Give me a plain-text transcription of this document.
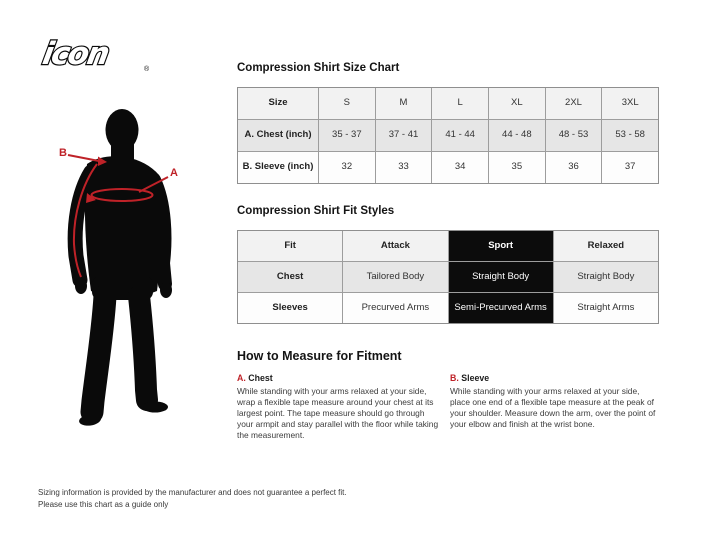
icon	®
B
A
Compression Shirt Size Chart
Size	S	M	L	XL	2XL	3XL
A. Chest (inch)	35 - 37	37 - 41	41 - 44	44 - 48	48 - 53	53 - 58
B. Sleeve (inch)	32	33	34	35	36	37
Compression Shirt Fit Styles
Fit	Attack	Sport	Relaxed
Chest	Tailored Body	Straight Body	Straight Body
Sleeves	Precurved Arms	Semi-Precurved Arms	Straight Arms
How to Measure for Fitment
A. Chest
While standing with your arms relaxed at your side, wrap a flexible tape measure around your chest at its largest point. The tape measure should go through your armpit and stay parallel with the floor while taking the measurement.
B. Sleeve
While standing with your arms relaxed at your side, place one end of a flexible tape measure at the peak of your shoulder. Measure down the arm, over the point of your elbow and finish at the wrist bone.
Sizing information is provided by the manufacturer and does not guarantee a perfect fit.
Please use this chart as a guide only
